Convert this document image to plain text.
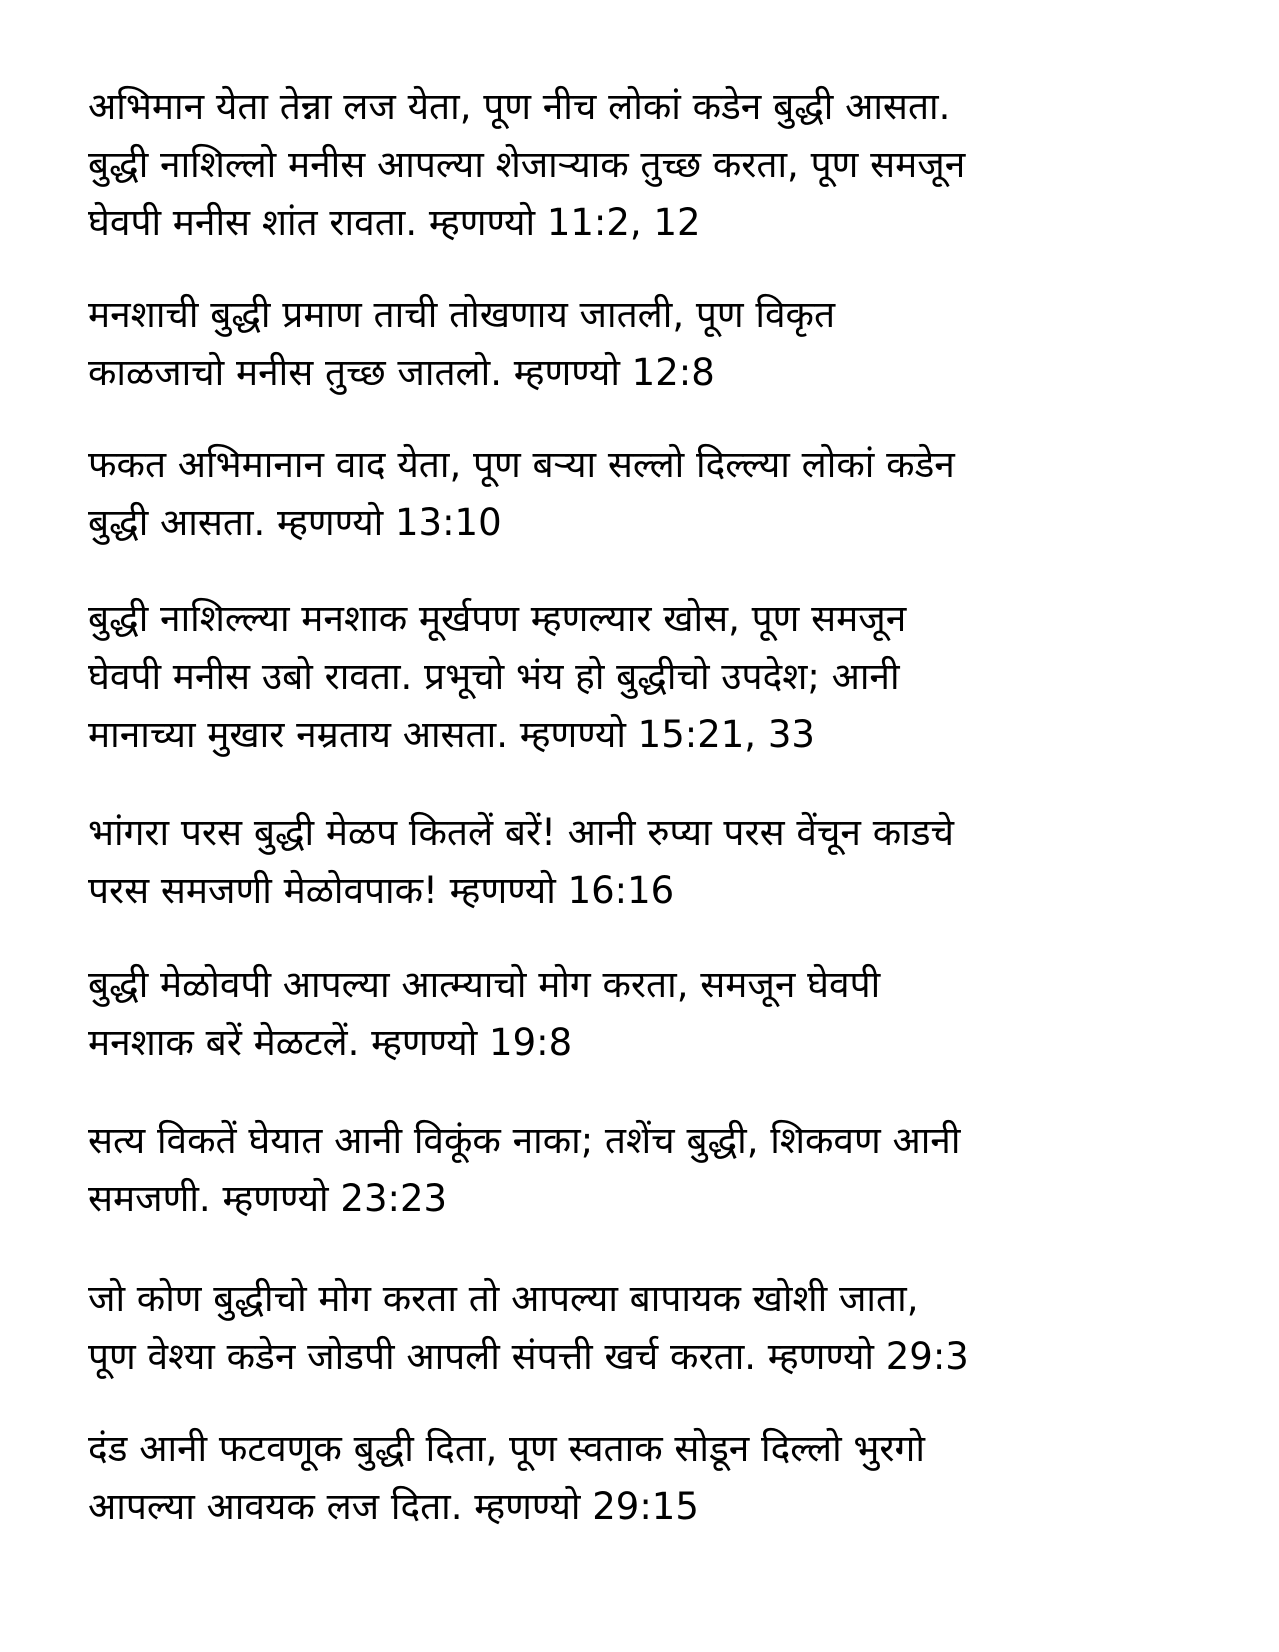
अभिमान येता तेन्ना लज येता, पूण नीच लोकां कडेन बुद्धी आसता.
बुद्धी नाशिल्लो मनीस आपल्या शेजाऱ्याक तुच्छ करता, पूण समजून
घेवपी मनीस शांत रावता. म्हणण्यो 11:2, 12

मनशाची बुद्धी प्रमाण ताची तोखणाय जातली, पूण विकृत
काळजाचो मनीस तुच्छ जातलो. म्हणण्यो 12:8

फकत अभिमानान वाद येता, पूण बऱ्या सल्लो दिल्ल्या लोकां कडेन
बुद्धी आसता. म्हणण्यो 13:10

बुद्धी नाशिल्ल्या मनशाक मूर्खपण म्हणल्यार खोस, पूण समजून
घेवपी मनीस उबो रावता. प्रभूचो भंय हो बुद्धीचो उपदेश; आनी
मानाच्या मुखार नम्रताय आसता. म्हणण्यो 15:21, 33

भांगरा परस बुद्धी मेळप कितलें बरें! आनी रुप्या परस वेंचून काडचे
परस समजणी मेळोवपाक! म्हणण्यो 16:16

बुद्धी मेळोवपी आपल्या आत्म्याचो मोग करता, समजून घेवपी
मनशाक बरें मेळटलें. म्हणण्यो 19:8

सत्य विकतें घेयात आनी विकूंक नाका; तशेंच बुद्धी, शिकवण आनी
समजणी. म्हणण्यो 23:23

जो कोण बुद्धीचो मोग करता तो आपल्या बापायक खोशी जाता,
पूण वेश्या कडेन जोडपी आपली संपत्ती खर्च करता. म्हणण्यो 29:3

दंड आनी फटवणूक बुद्धी दिता, पूण स्वताक सोडून दिल्लो भुरगो
आपल्या आवयक लज दिता. म्हणण्यो 29:15
